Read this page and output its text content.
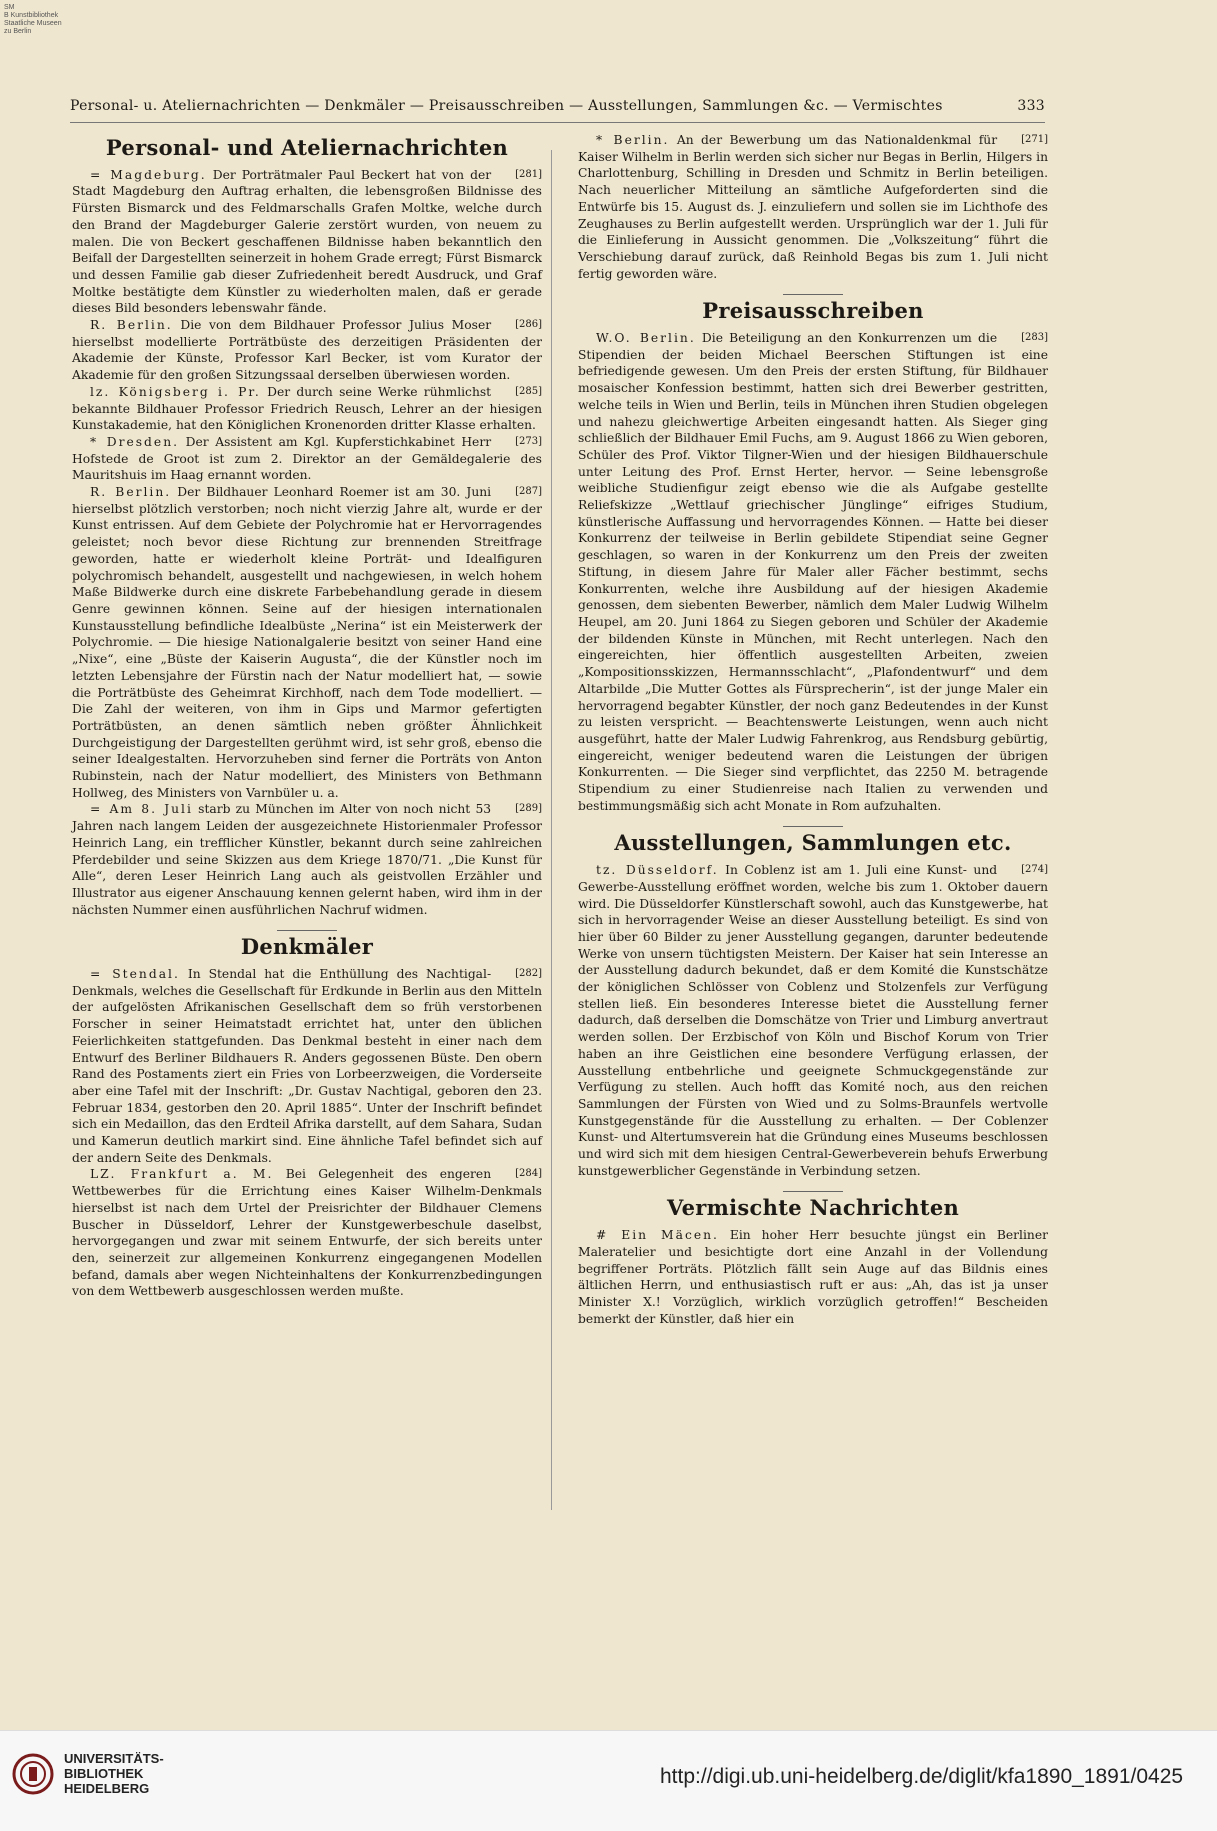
SM
B Kunstbibliothek
Staatliche Museen
zu Berlin
Personal- u. Ateliernachrichten — Denkmäler — Preisausschreiben — Ausstellungen, Sammlungen &c. — Vermischtes	333
Personal- und Ateliernachrichten

[281]
= Magdeburg. Der Porträtmaler Paul Beckert hat von der Stadt Magdeburg den Auftrag erhalten, die lebensgroßen Bildnisse des Fürsten Bismarck und des Feldmarschalls Grafen Moltke, welche durch den Brand der Magdeburger Galerie zerstört wurden, von neuem zu malen. Die von Beckert geschaffenen Bildnisse haben bekanntlich den Beifall der Dargestellten seinerzeit in hohem Grade erregt; Fürst Bismarck und dessen Familie gab dieser Zufriedenheit beredt Ausdruck, und Graf Moltke bestätigte dem Künstler zu wiederholten malen, daß er gerade dieses Bild besonders lebenswahr fände.

[286]
R. Berlin. Die von dem Bildhauer Professor Julius Moser hierselbst modellierte Porträtbüste des derzeitigen Präsidenten der Akademie der Künste, Professor Karl Becker, ist vom Kurator der Akademie für den großen Sitzungssaal derselben überwiesen worden.

[285]
lz. Königsberg i. Pr. Der durch seine Werke rühmlichst bekannte Bildhauer Professor Friedrich Reusch, Lehrer an der hiesigen Kunstakademie, hat den Königlichen Kronenorden dritter Klasse erhalten.

[273]
* Dresden. Der Assistent am Kgl. Kupferstichkabinet Herr Hofstede de Groot ist zum 2. Direktor an der Gemäldegalerie des Mauritshuis im Haag ernannt worden.

[287]
R. Berlin. Der Bildhauer Leonhard Roemer ist am 30. Juni hierselbst plötzlich verstorben; noch nicht vierzig Jahre alt, wurde er der Kunst entrissen. Auf dem Gebiete der Polychromie hat er Hervorragendes geleistet; noch bevor diese Richtung zur brennenden Streitfrage geworden, hatte er wiederholt kleine Porträt- und Idealfiguren polychromisch behandelt, ausgestellt und nachgewiesen, in welch hohem Maße Bildwerke durch eine diskrete Farbebehandlung gerade in diesem Genre gewinnen können. Seine auf der hiesigen internationalen Kunstausstellung befindliche Idealbüste „Nerina“ ist ein Meisterwerk der Polychromie. — Die hiesige Nationalgalerie besitzt von seiner Hand eine „Nixe“, eine „Büste der Kaiserin Augusta“, die der Künstler noch im letzten Lebensjahre der Fürstin nach der Natur modelliert hat, — sowie die Porträtbüste des Geheimrat Kirchhoff, nach dem Tode modelliert. — Die Zahl der weiteren, von ihm in Gips und Marmor gefertigten Porträtbüsten, an denen sämtlich neben größter Ähnlichkeit Durchgeistigung der Dargestellten gerühmt wird, ist sehr groß, ebenso die seiner Idealgestalten. Hervorzuheben sind ferner die Porträts von Anton Rubinstein, nach der Natur modelliert, des Ministers von Bethmann Hollweg, des Ministers von Varnbüler u. a.

[289]
= Am 8. Juli starb zu München im Alter von noch nicht 53 Jahren nach langem Leiden der ausgezeichnete Historienmaler Professor Heinrich Lang, ein trefflicher Künstler, bekannt durch seine zahlreichen Pferdebilder und seine Skizzen aus dem Kriege 1870/71. „Die Kunst für Alle“, deren Leser Heinrich Lang auch als geistvollen Erzähler und Illustrator aus eigener Anschauung kennen gelernt haben, wird ihm in der nächsten Nummer einen ausführlichen Nachruf widmen.

Denkmäler

[282]
= Stendal. In Stendal hat die Enthüllung des Nachtigal-Denkmals, welches die Gesellschaft für Erdkunde in Berlin aus den Mitteln der aufgelösten Afrikanischen Gesellschaft dem so früh verstorbenen Forscher in seiner Heimatstadt errichtet hat, unter den üblichen Feierlichkeiten stattgefunden. Das Denkmal besteht in einer nach dem Entwurf des Berliner Bildhauers R. Anders gegossenen Büste. Den obern Rand des Postaments ziert ein Fries von Lorbeerzweigen, die Vorderseite aber eine Tafel mit der Inschrift: „Dr. Gustav Nachtigal, geboren den 23. Februar 1834, gestorben den 20. April 1885“. Unter der Inschrift befindet sich ein Medaillon, das den Erdteil Afrika darstellt, auf dem Sahara, Sudan und Kamerun deutlich markirt sind. Eine ähnliche Tafel befindet sich auf der andern Seite des Denkmals.

[284]
LZ. Frankfurt a. M. Bei Gelegenheit des engeren Wettbewerbes für die Errichtung eines Kaiser Wilhelm-Denkmals hierselbst ist nach dem Urtel der Preisrichter der Bildhauer Clemens Buscher in Düsseldorf, Lehrer der Kunstgewerbeschule daselbst, hervorgegangen und zwar mit seinem Entwurfe, der sich bereits unter den, seinerzeit zur allgemeinen Konkurrenz eingegangenen Modellen befand, damals aber wegen Nichteinhaltens der Konkurrenzbedingungen von dem Wettbewerb ausgeschlossen werden mußte.

[271]
* Berlin. An der Bewerbung um das Nationaldenkmal für Kaiser Wilhelm in Berlin werden sich sicher nur Begas in Berlin, Hilgers in Charlottenburg, Schilling in Dresden und Schmitz in Berlin beteiligen. Nach neuerlicher Mitteilung an sämtliche Aufgeforderten sind die Entwürfe bis 15. August ds. J. einzuliefern und sollen sie im Lichthofe des Zeughauses zu Berlin aufgestellt werden. Ursprünglich war der 1. Juli für die Einlieferung in Aussicht genommen. Die „Volkszeitung“ führt die Verschiebung darauf zurück, daß Reinhold Begas bis zum 1. Juli nicht fertig geworden wäre.

Preisausschreiben

[283]
W.O. Berlin. Die Beteiligung an den Konkurrenzen um die Stipendien der beiden Michael Beerschen Stiftungen ist eine befriedigende gewesen. Um den Preis der ersten Stiftung, für Bildhauer mosaischer Konfession bestimmt, hatten sich drei Bewerber gestritten, welche teils in Wien und Berlin, teils in München ihren Studien obgelegen und nahezu gleichwertige Arbeiten eingesandt hatten. Als Sieger ging schließlich der Bildhauer Emil Fuchs, am 9. August 1866 zu Wien geboren, Schüler des Prof. Viktor Tilgner-Wien und der hiesigen Bildhauerschule unter Leitung des Prof. Ernst Herter, hervor. — Seine lebensgroße weibliche Studienfigur zeigt ebenso wie die als Aufgabe gestellte Reliefskizze „Wettlauf griechischer Jünglinge“ eifriges Studium, künstlerische Auffassung und hervorragendes Können. — Hatte bei dieser Konkurrenz der teilweise in Berlin gebildete Stipendiat seine Gegner geschlagen, so waren in der Konkurrenz um den Preis der zweiten Stiftung, in diesem Jahre für Maler aller Fächer bestimmt, sechs Konkurrenten, welche ihre Ausbildung auf der hiesigen Akademie genossen, dem siebenten Bewerber, nämlich dem Maler Ludwig Wilhelm Heupel, am 20. Juni 1864 zu Siegen geboren und Schüler der Akademie der bildenden Künste in München, mit Recht unterlegen. Nach den eingereichten, hier öffentlich ausgestellten Arbeiten, zweien „Kompositionsskizzen, Hermannsschlacht“, „Plafondentwurf“ und dem Altarbilde „Die Mutter Gottes als Fürsprecherin“, ist der junge Maler ein hervorragend begabter Künstler, der noch ganz Bedeutendes in der Kunst zu leisten verspricht. — Beachtenswerte Leistungen, wenn auch nicht ausgeführt, hatte der Maler Ludwig Fahrenkrog, aus Rendsburg gebürtig, eingereicht, weniger bedeutend waren die Leistungen der übrigen Konkurrenten. — Die Sieger sind verpflichtet, das 2250 M. betragende Stipendium zu einer Studienreise nach Italien zu verwenden und bestimmungsmäßig sich acht Monate in Rom aufzuhalten.

Ausstellungen, Sammlungen etc.

[274]
tz. Düsseldorf. In Coblenz ist am 1. Juli eine Kunst- und Gewerbe-Ausstellung eröffnet worden, welche bis zum 1. Oktober dauern wird. Die Düsseldorfer Künstlerschaft sowohl, auch das Kunstgewerbe, hat sich in hervorragender Weise an dieser Ausstellung beteiligt. Es sind von hier über 60 Bilder zu jener Ausstellung gegangen, darunter bedeutende Werke von unsern tüchtigsten Meistern. Der Kaiser hat sein Interesse an der Ausstellung dadurch bekundet, daß er dem Komité die Kunstschätze der königlichen Schlösser von Coblenz und Stolzenfels zur Verfügung stellen ließ. Ein besonderes Interesse bietet die Ausstellung ferner dadurch, daß derselben die Domschätze von Trier und Limburg anvertraut werden sollen. Der Erzbischof von Köln und Bischof Korum von Trier haben an ihre Geistlichen eine besondere Verfügung erlassen, der Ausstellung entbehrliche und geeignete Schmuckgegenstände zur Verfügung zu stellen. Auch hofft das Komité noch, aus den reichen Sammlungen der Fürsten von Wied und zu Solms-Braunfels wertvolle Kunstgegenstände für die Ausstellung zu erhalten. — Der Coblenzer Kunst- und Altertumsverein hat die Gründung eines Museums beschlossen und wird sich mit dem hiesigen Central-Gewerbeverein behufs Erwerbung kunstgewerblicher Gegenstände in Verbindung setzen.

Vermischte Nachrichten

# Ein Mäcen. Ein hoher Herr besuchte jüngst ein Berliner Maleratelier und besichtigte dort eine Anzahl in der Vollendung begriffener Porträts. Plötzlich fällt sein Auge auf das Bildnis eines ältlichen Herrn, und enthusiastisch ruft er aus: „Ah, das ist ja unser Minister X.! Vorzüglich, wirklich vorzüglich getroffen!“ Bescheiden bemerkt der Künstler, daß hier ein

UNIVERSITÄTS-
BIBLIOTHEK
HEIDELBERG
http://digi.ub.uni-heidelberg.de/diglit/kfa1890_1891/0425
